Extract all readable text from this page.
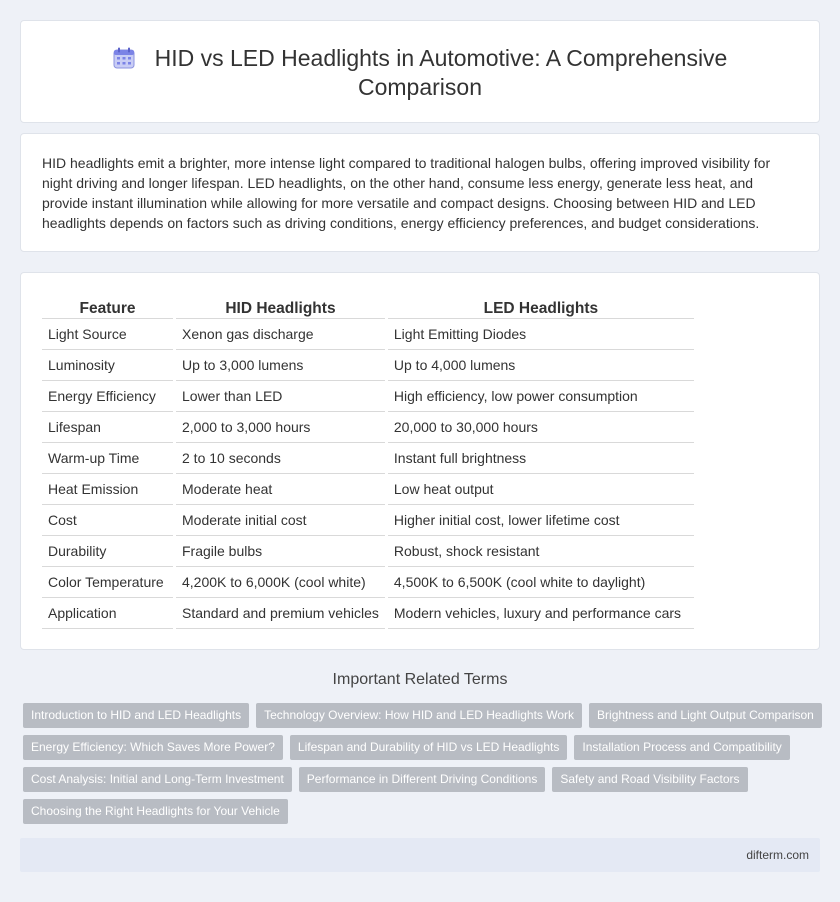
HID vs LED Headlights in Automotive: A Comprehensive Comparison

HID headlights emit a brighter, more intense light compared to traditional halogen bulbs, offering improved visibility for night driving and longer lifespan. LED headlights, on the other hand, consume less energy, generate less heat, and provide instant illumination while allowing for more versatile and compact designs. Choosing between HID and LED headlights depends on factors such as driving conditions, energy efficiency preferences, and budget considerations.

Feature		HID Headlights		LED Headlights
Light Source		Xenon gas discharge		Light Emitting Diodes
Luminosity		Up to 3,000 lumens		Up to 4,000 lumens
Energy Efficiency		Lower than LED		High efficiency, low power consumption
Lifespan		2,000 to 3,000 hours		20,000 to 30,000 hours
Warm-up Time		2 to 10 seconds		Instant full brightness
Heat Emission		Moderate heat		Low heat output
Cost		Moderate initial cost		Higher initial cost, lower lifetime cost
Durability		Fragile bulbs		Robust, shock resistant
Color Temperature		4,200K to 6,000K (cool white)		4,500K to 6,500K (cool white to daylight)
Application		Standard and premium vehicles		Modern vehicles, luxury and performance cars
Important Related Terms
Introduction to HID and LED Headlights	Technology Overview: How HID and LED Headlights Work	Brightness and Light Output Comparison
Energy Efficiency: Which Saves More Power?	Lifespan and Durability of HID vs LED Headlights	Installation Process and Compatibility
Cost Analysis: Initial and Long-Term Investment	Performance in Different Driving Conditions	Safety and Road Visibility Factors
Choosing the Right Headlights for Your Vehicle
difterm.com
